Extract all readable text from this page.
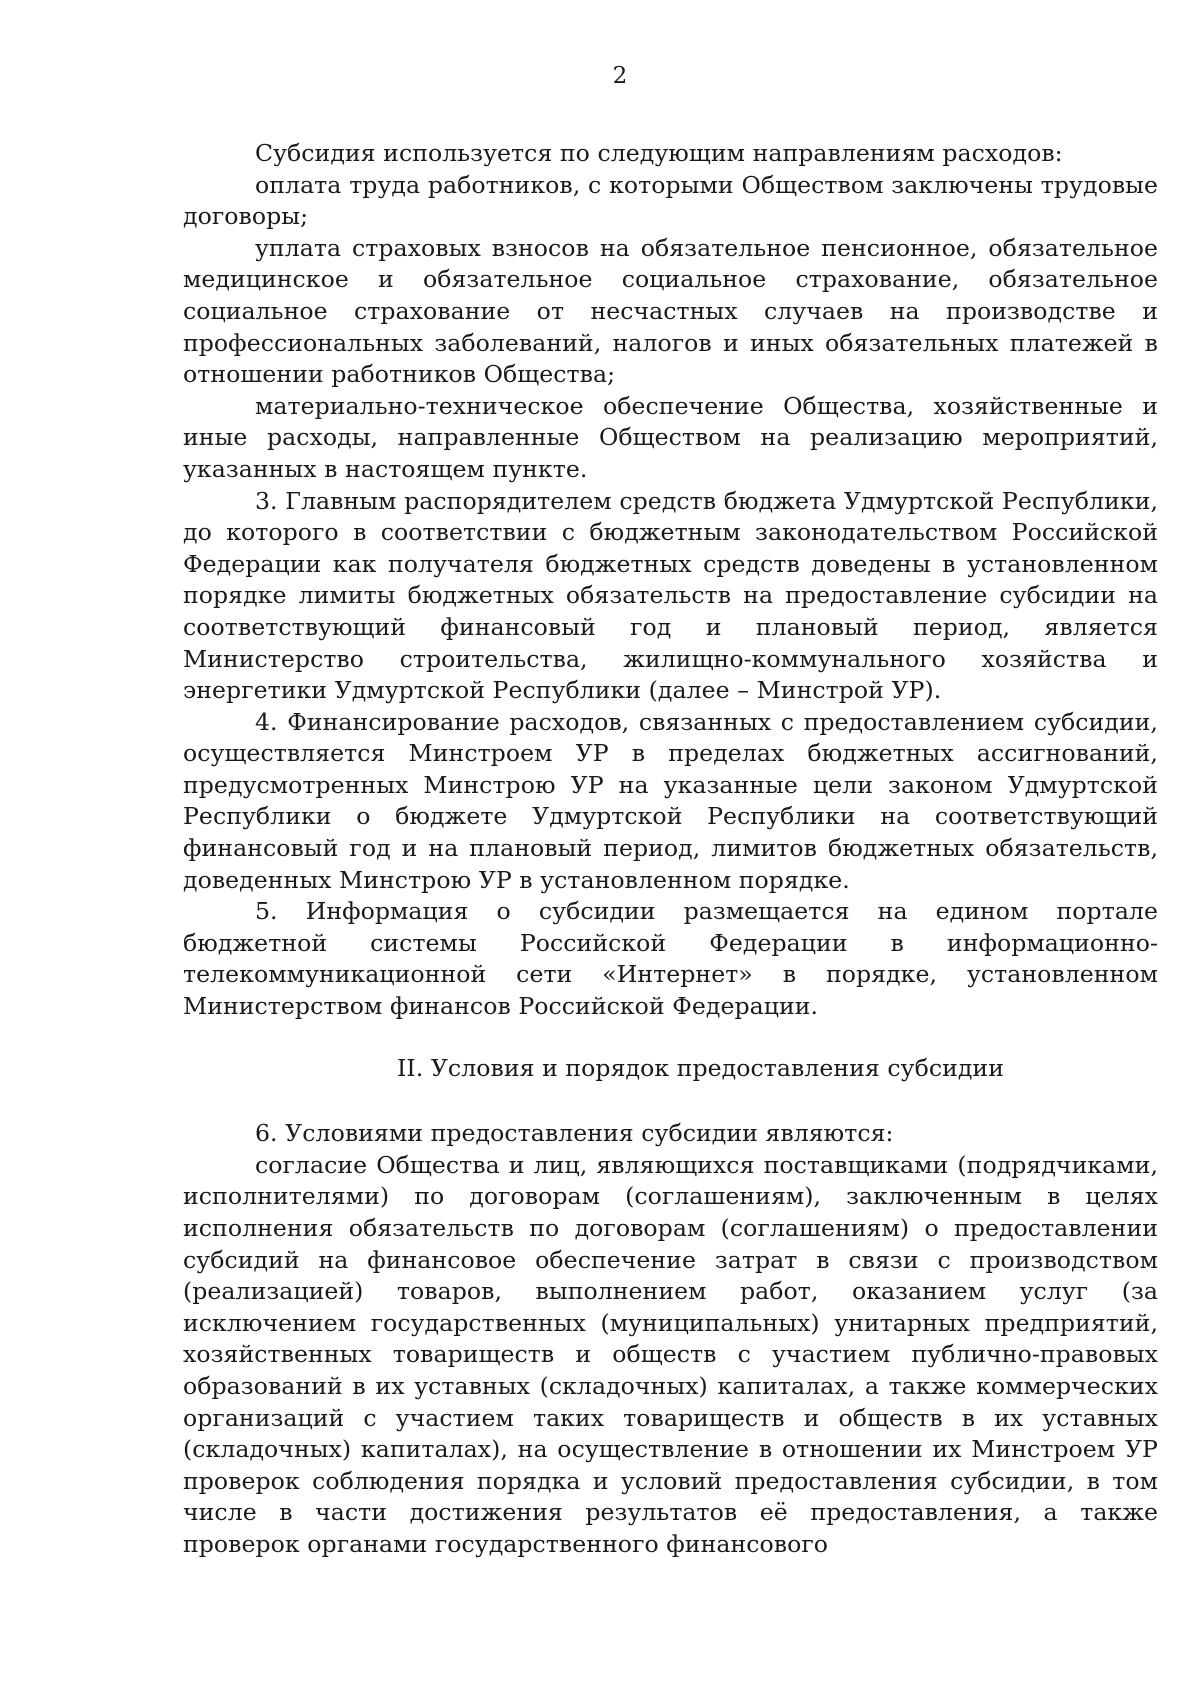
2

Субсидия используется по следующим направлениям расходов:

оплата труда работников, с которыми Обществом заключены трудовые договоры;

уплата страховых взносов на обязательное пенсионное, обязательное медицинское и обязательное социальное страхование, обязательное социальное страхование от несчастных случаев на производстве и профессиональных заболеваний, налогов и иных обязательных платежей в отношении работников Общества;

материально-техническое обеспечение Общества, хозяйственные и иные расходы, направленные Обществом на реализацию мероприятий, указанных в настоящем пункте.

3. Главным распорядителем средств бюджета Удмуртской Республики, до которого в соответствии с бюджетным законодательством Российской Федерации как получателя бюджетных средств доведены в установленном порядке лимиты бюджетных обязательств на предоставление субсидии на соответствующий финансовый год и плановый период, является Министерство строительства, жилищно-коммунального хозяйства и энергетики Удмуртской Республики (далее – Минстрой УР).

4. Финансирование расходов, связанных с предоставлением субсидии, осуществляется Минстроем УР в пределах бюджетных ассигнований, предусмотренных Минстрою УР на указанные цели законом Удмуртской Республики о бюджете Удмуртской Республики на соответствующий финансовый год и на плановый период, лимитов бюджетных обязательств, доведенных Минстрою УР в установленном порядке.

5. Информация о субсидии размещается на едином портале бюджетной системы Российской Федерации в информационно-телекоммуникационной сети «Интернет» в порядке, установленном Министерством финансов Российской Федерации.

II. Условия и порядок предоставления субсидии

6. Условиями предоставления субсидии являются:

согласие Общества и лиц, являющихся поставщиками (подрядчиками, исполнителями) по договорам (соглашениям), заключенным в целях исполнения обязательств по договорам (соглашениям) о предоставлении субсидий на финансовое обеспечение затрат в связи с производством (реализацией) товаров, выполнением работ, оказанием услуг (за исключением государственных (муниципальных) унитарных предприятий, хозяйственных товариществ и обществ с участием публично-правовых образований в их уставных (складочных) капиталах, а также коммерческих организаций с участием таких товариществ и обществ в их уставных (складочных) капиталах), на осуществление в отношении их Минстроем УР проверок соблюдения порядка и условий предоставления субсидии, в том числе в части достижения результатов её предоставления, а также проверок органами государственного финансового
